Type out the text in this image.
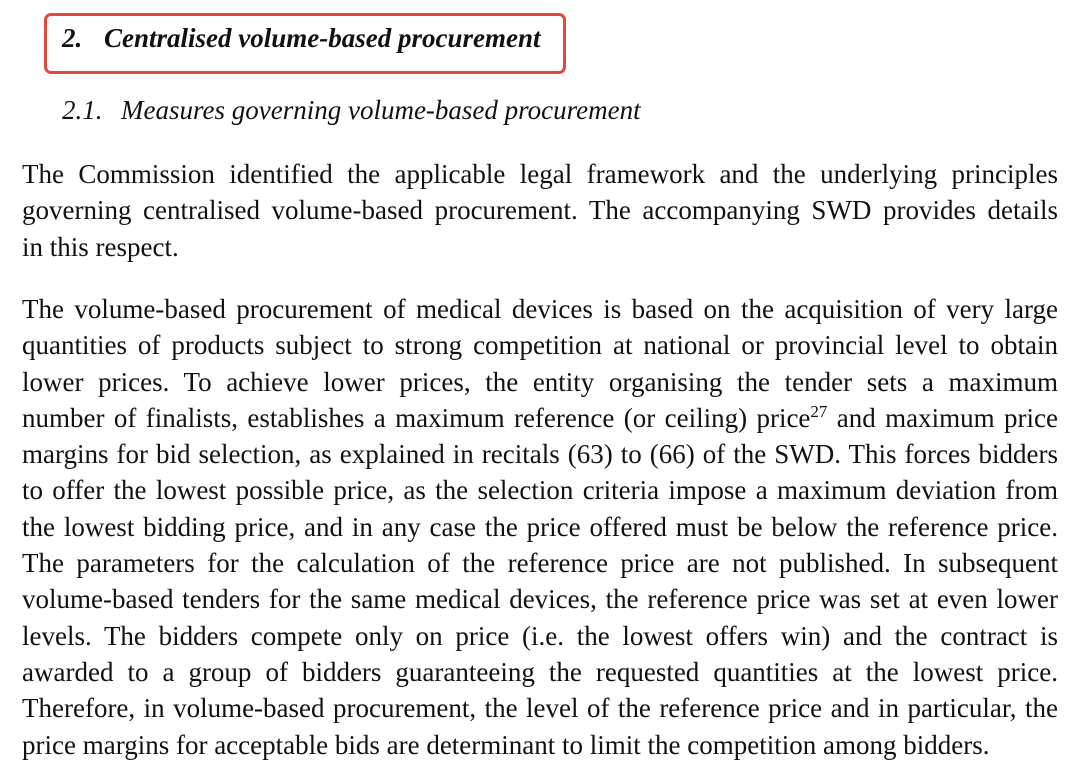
2. Centralised volume-based procurement
2.1. Measures governing volume-based procurement
The Commission identified the applicable legal framework and the underlying principles
governing centralised volume-based procurement. The accompanying SWD provides details
in this respect.
The volume-based procurement of medical devices is based on the acquisition of very large
quantities of products subject to strong competition at national or provincial level to obtain
lower prices. To achieve lower prices, the entity organising the tender sets a maximum
number of finalists, establishes a maximum reference (or ceiling) price$^{27}$ and maximum price
margins for bid selection, as explained in recitals (63) to (66) of the SWD. This forces bidders
to offer the lowest possible price, as the selection criteria impose a maximum deviation from
the lowest bidding price, and in any case the price offered must be below the reference price.
The parameters for the calculation of the reference price are not published. In subsequent
volume-based tenders for the same medical devices, the reference price was set at even lower
levels. The bidders compete only on price (i.e. the lowest offers win) and the contract is
awarded to a group of bidders guaranteeing the requested quantities at the lowest price.
Therefore, in volume-based procurement, the level of the reference price and in particular, the
price margins for acceptable bids are determinant to limit the competition among bidders.
